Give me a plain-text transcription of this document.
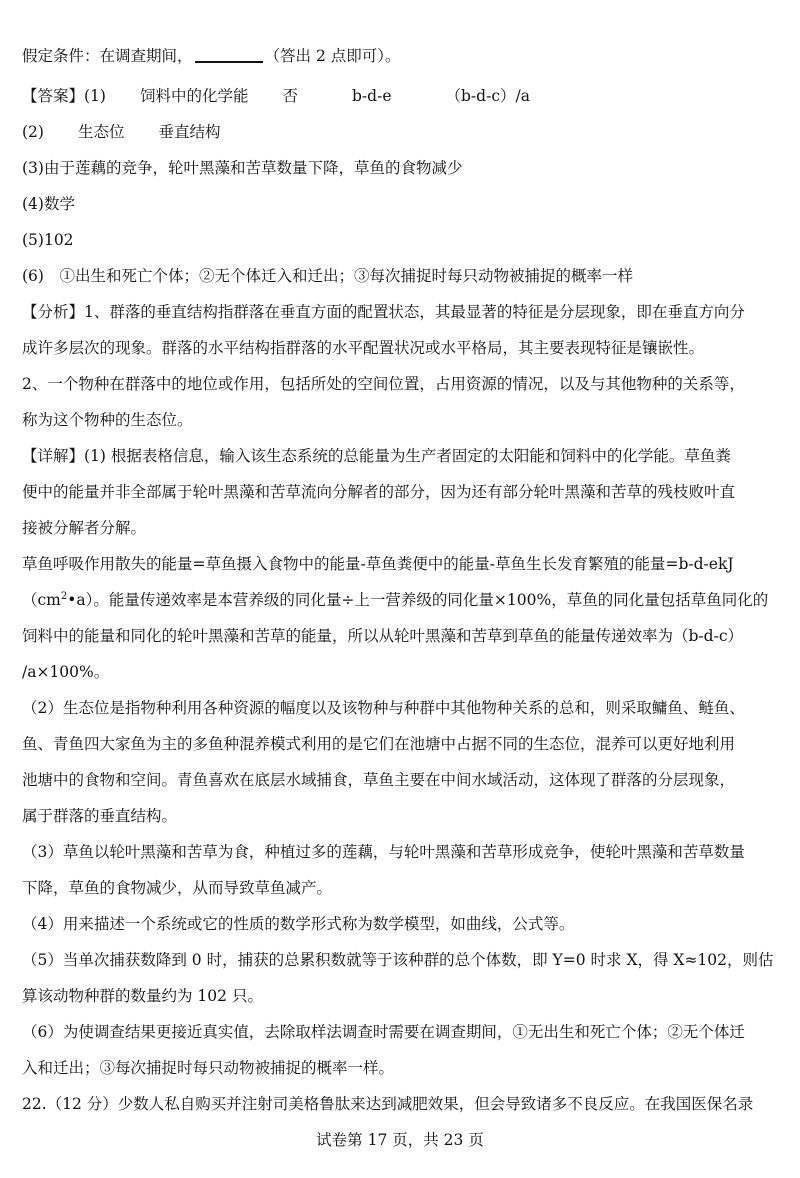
假定条件：在调查期间，	（答出 2 点即可）。
【答案】(1) 饲料中的化学能 否	b-d-e	（b-d-c）/a
(2) 生态位 垂直结构
(3)由于莲藕的竞争，轮叶黑藻和苦草数量下降，草鱼的食物减少
(4)数学
(5)102
(6)　①出生和死亡个体；②无个体迁入和迁出；③每次捕捉时每只动物被捕捉的概率一样
【分析】1、群落的垂直结构指群落在垂直方面的配置状态，其最显著的特征是分层现象，即在垂直方向分
成许多层次的现象。群落的水平结构指群落的水平配置状况或水平格局，其主要表现特征是镶嵌性。
2、一个物种在群落中的地位或作用，包括所处的空间位置，占用资源的情况，以及与其他物种的关系等，
称为这个物种的生态位。
【详解】(1) 根据表格信息，输入该生态系统的总能量为生产者固定的太阳能和饲料中的化学能。草鱼粪
便中的能量并非全部属于轮叶黑藻和苦草流向分解者的部分，因为还有部分轮叶黑藻和苦草的残枝败叶直
接被分解者分解。
草鱼呼吸作用散失的能量=草鱼摄入食物中的能量-草鱼粪便中的能量-草鱼生长发育繁殖的能量=b-d-ekJ
$(cm^2•a)$。能量传递效率是本营养级的同化量÷上一营养级的同化量×100%，草鱼的同化量包括草鱼同化的
饲料中的能量和同化的轮叶黑藻和苦草的能量，所以从轮叶黑藻和苦草到草鱼的能量传递效率为（b-d-c）
/a×100%。
（2）生态位是指物种利用各种资源的幅度以及该物种与种群中其他物种关系的总和，则采取鳙鱼、鲢鱼、
鱼、青鱼四大家鱼为主的多鱼种混养模式利用的是它们在池塘中占据不同的生态位，混养可以更好地利用
池塘中的食物和空间。青鱼喜欢在底层水域捕食，草鱼主要在中间水域活动，这体现了群落的分层现象，
属于群落的垂直结构。
（3）草鱼以轮叶黑藻和苦草为食，种植过多的莲藕，与轮叶黑藻和苦草形成竞争，使轮叶黑藻和苦草数量
下降，草鱼的食物减少，从而导致草鱼减产。
（4）用来描述一个系统或它的性质的数学形式称为数学模型，如曲线，公式等。
（5）当单次捕获数降到 0 时，捕获的总累积数就等于该种群的总个体数，即 Y=0 时求 X，得 X≈102，则估
算该动物种群的数量约为 102 只。
（6）为使调查结果更接近真实值，去除取样法调查时需要在调查期间，①无出生和死亡个体；②无个体迁
入和迁出；③每次捕捉时每只动物被捕捉的概率一样。
22.（12 分）少数人私自购买并注射司美格鲁肽来达到减肥效果，但会导致诸多不良反应。在我国医保名录
试卷第 17 页，共 23 页
